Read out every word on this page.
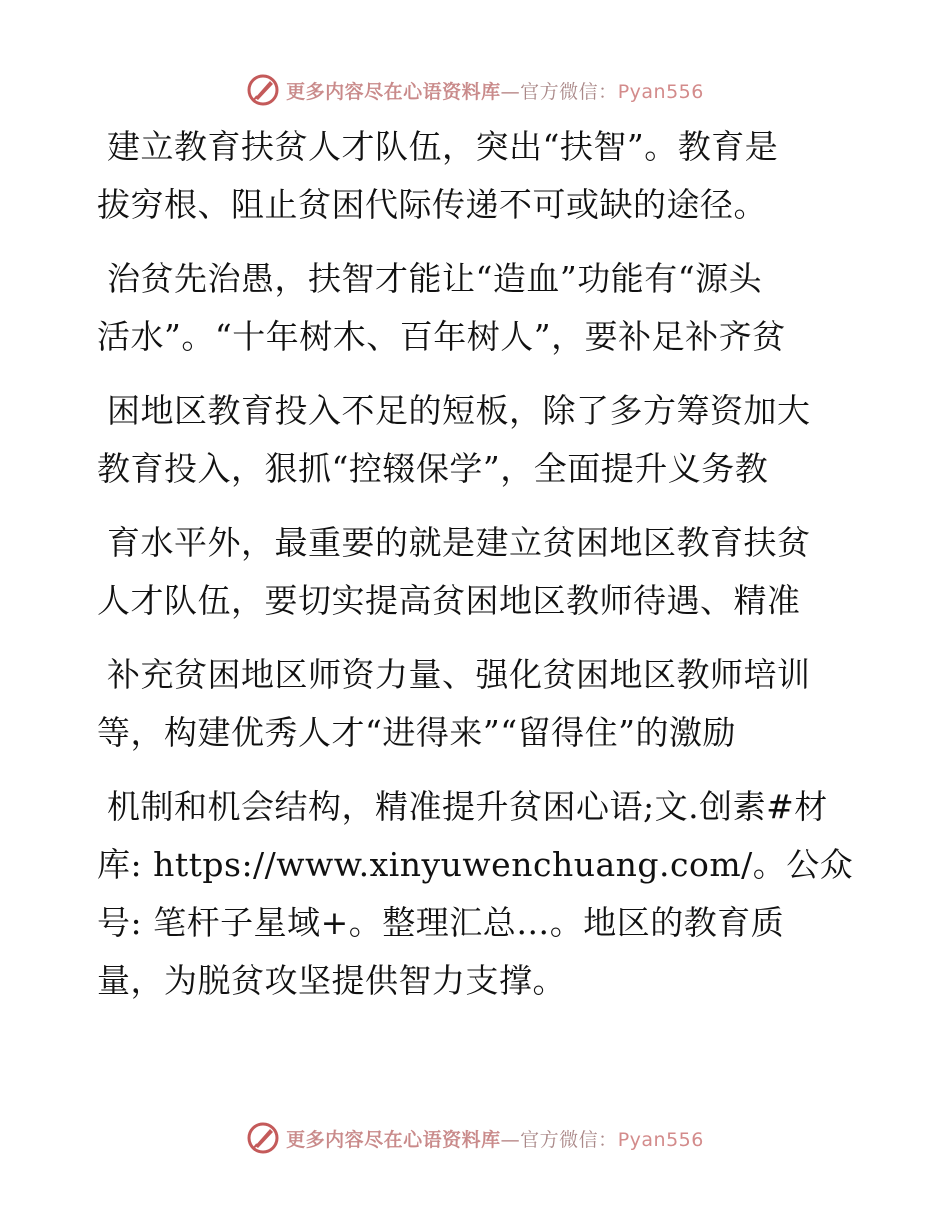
更多内容尽在心语资料库—官方微信：Pyan556
建立教育扶贫人才队伍，突出“扶智”。教育是
拔穷根、阻止贫困代际传递不可或缺的途径。
治贫先治愚，扶智才能让“造血”功能有“源头
活水”。“十年树木、百年树人”，要补足补齐贫
困地区教育投入不足的短板，除了多方筹资加大
教育投入，狠抓“控辍保学”，全面提升义务教
育水平外，最重要的就是建立贫困地区教育扶贫
人才队伍，要切实提高贫困地区教师待遇、精准
补充贫困地区师资力量、强化贫困地区教师培训
等，构建优秀人才“进得来”“留得住”的激励
机制和机会结构，精准提升贫困心语;文.创素#材
库: https://www.xinyuwenchuang.com/。公众
号: 笔杆子星域+。整理汇总…。地区的教育质
量，为脱贫攻坚提供智力支撑。
更多内容尽在心语资料库—官方微信：Pyan556
